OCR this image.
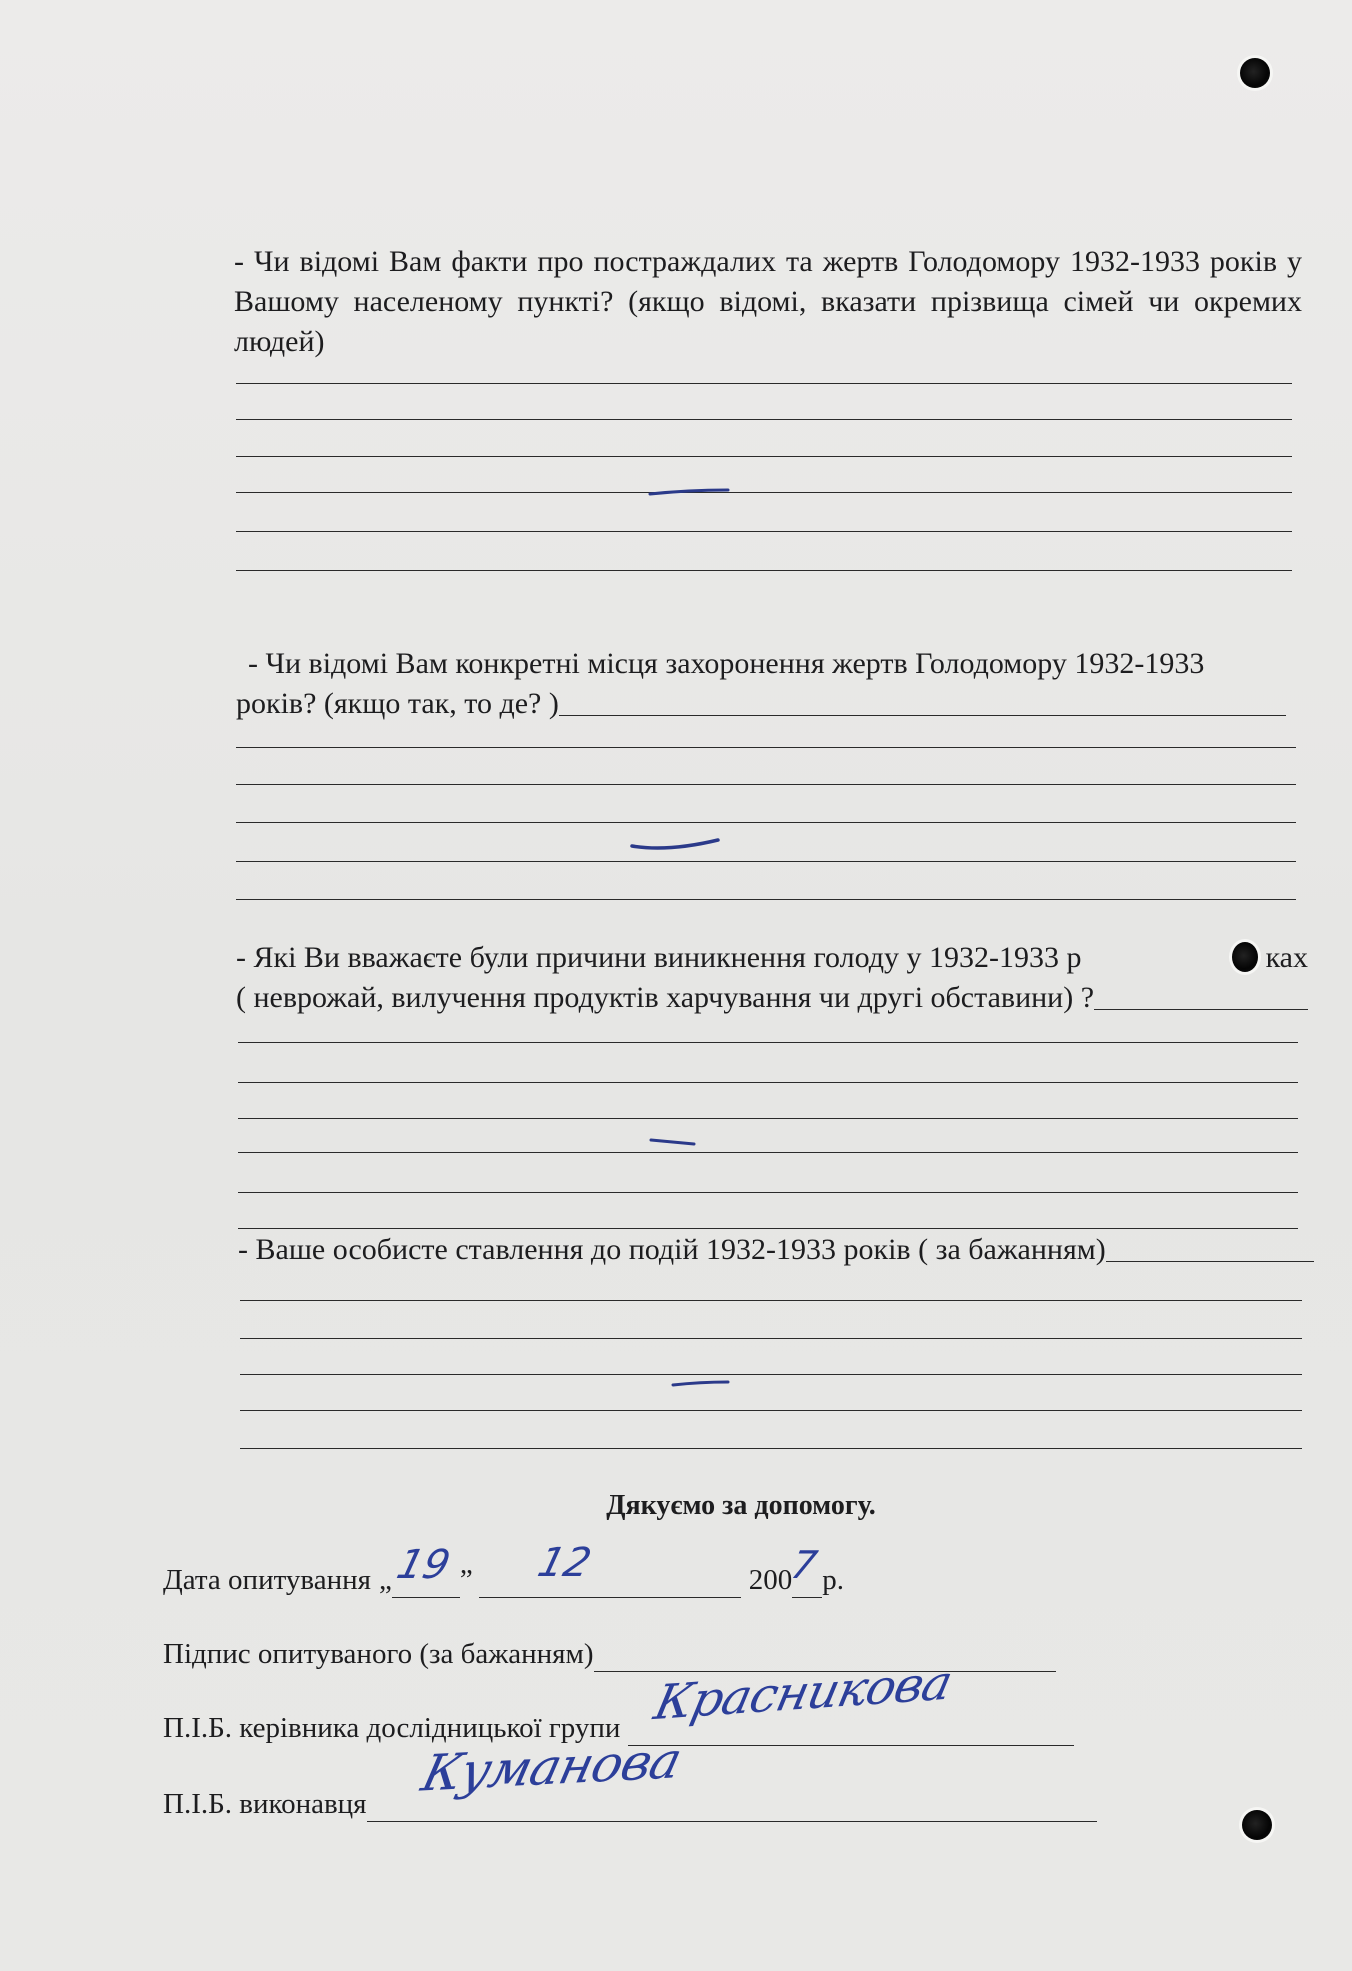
- Чи відомі Вам факти про постраждалих та жертв Голодомору 1932-1933 років у Вашому населеному пункті? (якщо відомі, вказати прізвища сімей чи окремих людей)
- Чи відомі Вам конкретні місця захоронення жертв Голодомору 1932-1933
років? (якщо так, то де? )
- Які Ви вважаєте були причини виникнення голоду у 1932-1933 р	ках
( неврожай, вилучення продуктів харчування чи другі обставини) ?
- Ваше особисте ставлення до подій 1932-1933 років ( за бажанням)
Дякуємо за допомогу.
Дата опитування „ 19 ” 12	200
7 р.
Підпис опитуваного (за бажанням)
П.І.Б. керівника дослідницької групи Красникова
П.І.Б. виконавця
Куманова
